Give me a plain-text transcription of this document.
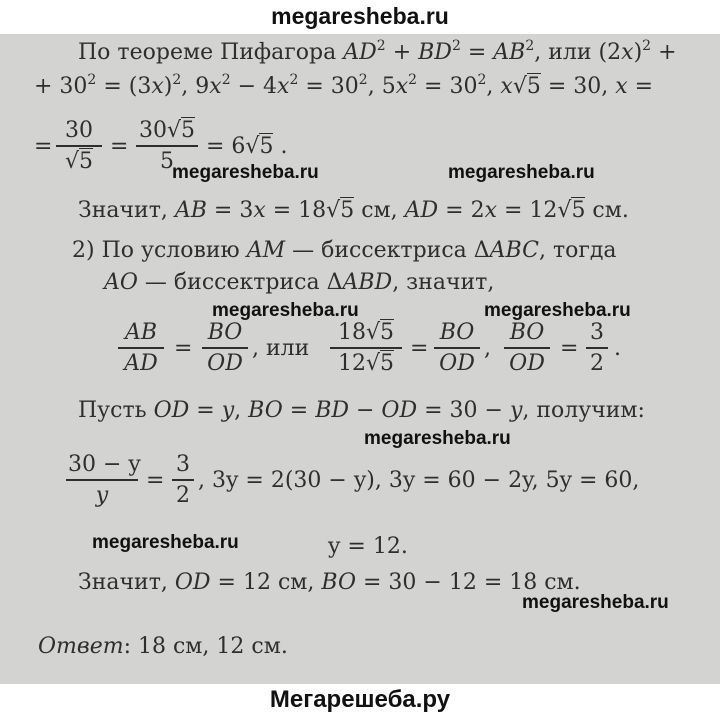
megaresheba.ru
По теореме Пифагора $AD^2 + BD^2 = AB^2$, или $(2x)^2$ +
+ $30^2 = (3x)^2$, $9x^2 - 4x^2 = 30^2$, $5x^2 = 30^2$, x√5 = 30, x =
=
30
√5
=
30√5
5
= 6√5 .
megaresheba.ru	megaresheba.ru
Значит, AB = 3x = 18√5 см, AD = 2x = 12√5 см.
2) По условию AM — биссектриса ΔABC, тогда
AO — биссектриса ΔABD, значит,
megaresheba.ru	megaresheba.ru
AB
AD
=
BO
OD
, или
18√5
12√5
=
BO
OD
,
BO
OD
=
3
2
.
Пусть OD = y, BO = BD − OD = 30 − y, получим:
megaresheba.ru
30 − y
y
=
3
2
, 3y = 2(30 − y), 3y = 60 − 2y, 5y = 60,
megaresheba.ru	y = 12.
Значит, OD = 12 см, BO = 30 − 12 = 18 см.
megaresheba.ru
Ответ: 18 см, 12 см.
Мегарешеба.ру
